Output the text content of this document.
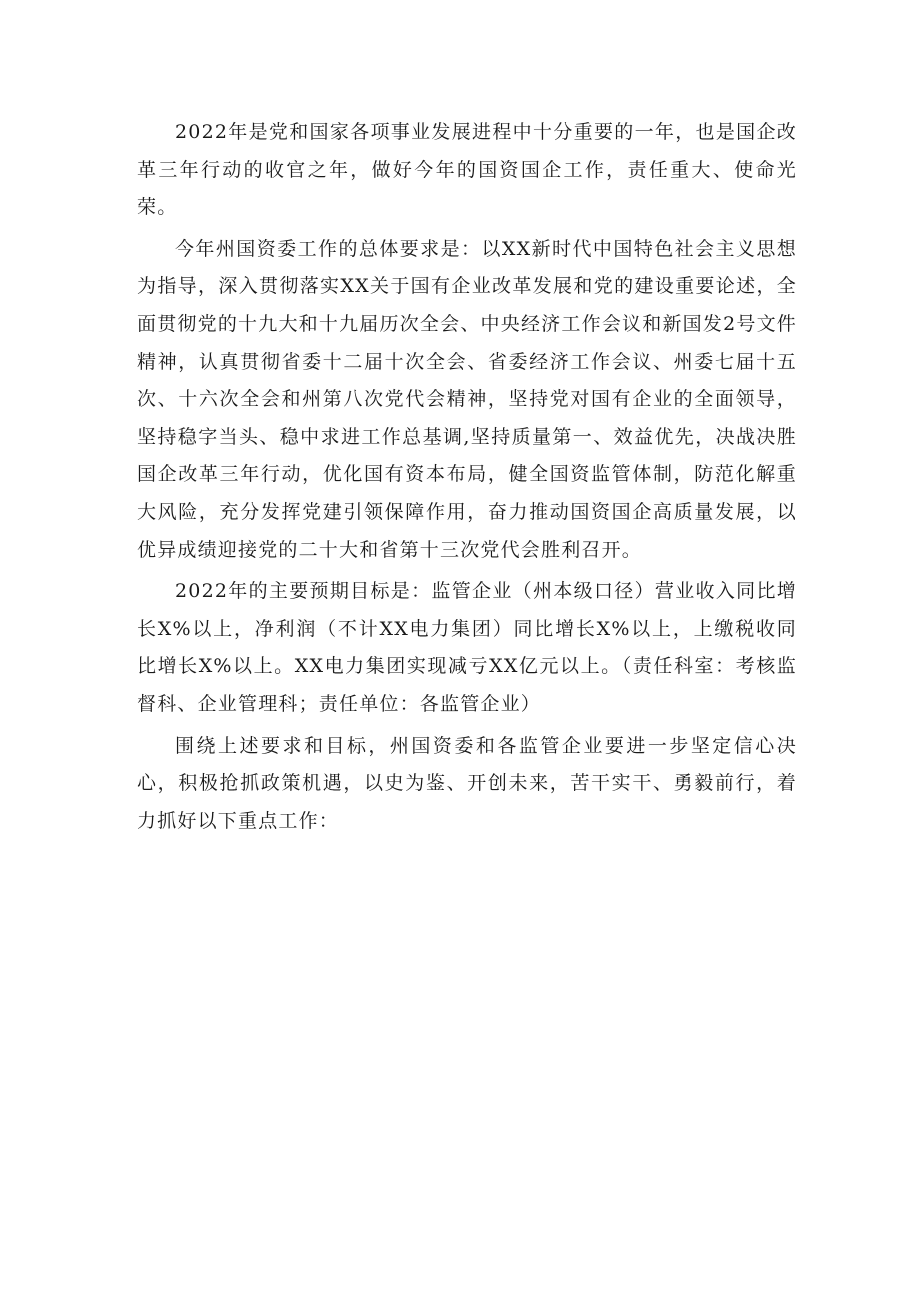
2022年是党和国家各项事业发展进程中十分重要的一年，也是国企改革三年行动的收官之年，做好今年的国资国企工作，责任重大、使命光荣。

今年州国资委工作的总体要求是：以XX新时代中国特色社会主义思想为指导，深入贯彻落实XX关于国有企业改革发展和党的建设重要论述，全面贯彻党的十九大和十九届历次全会、中央经济工作会议和新国发2号文件精神，认真贯彻省委十二届十次全会、省委经济工作会议、州委七届十五次、十六次全会和州第八次党代会精神，坚持党对国有企业的全面领导，坚持稳字当头、稳中求进工作总基调,坚持质量第一、效益优先，决战决胜国企改革三年行动，优化国有资本布局，健全国资监管体制，防范化解重大风险，充分发挥党建引领保障作用，奋力推动国资国企高质量发展，以优异成绩迎接党的二十大和省第十三次党代会胜利召开。

2022年的主要预期目标是：监管企业（州本级口径）营业收入同比增长X%以上，净利润（不计XX电力集团）同比增长X%以上，上缴税收同比增长X%以上。XX电力集团实现减亏XX亿元以上。（责任科室：考核监督科、企业管理科；责任单位：各监管企业）

围绕上述要求和目标，州国资委和各监管企业要进一步坚定信心决心，积极抢抓政策机遇，以史为鉴、开创未来，苦干实干、勇毅前行，着力抓好以下重点工作：
